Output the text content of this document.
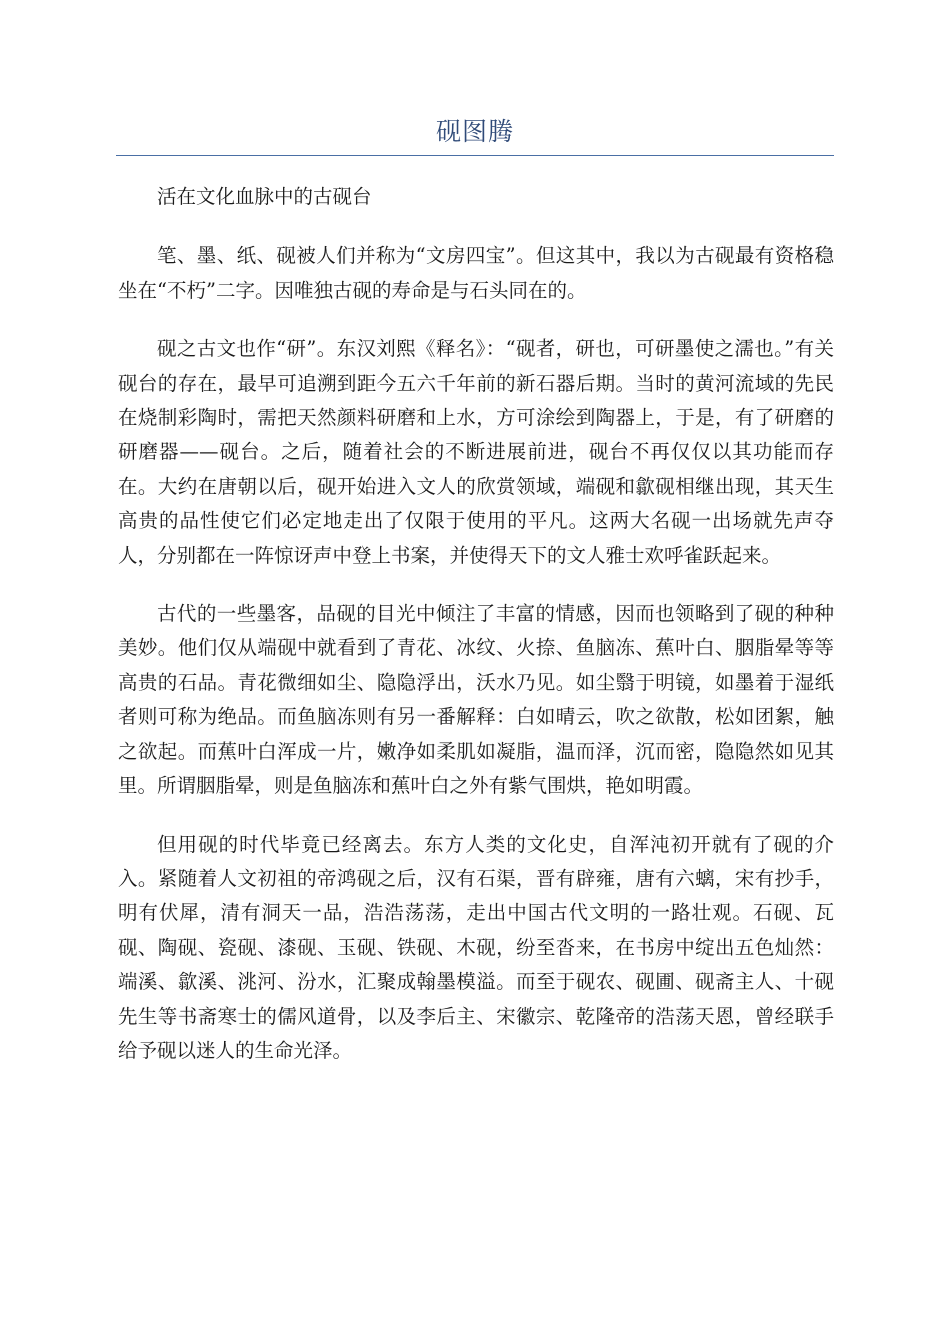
砚图腾

活在文化血脉中的古砚台

笔、墨、纸、砚被人们并称为“文房四宝”。但这其中，我以为古砚最有资格稳坐在“不朽”二字。因唯独古砚的寿命是与石头同在的。

砚之古文也作“研”。东汉刘熙《释名》：“砚者，研也，可研墨使之濡也。”有关砚台的存在，最早可追溯到距今五六千年前的新石器后期。当时的黄河流域的先民在烧制彩陶时，需把天然颜料研磨和上水，方可涂绘到陶器上，于是，有了研磨的研磨器——砚台。之后，随着社会的不断进展前进，砚台不再仅仅以其功能而存在。大约在唐朝以后，砚开始进入文人的欣赏领域，端砚和歙砚相继出现，其天生高贵的品性使它们必定地走出了仅限于使用的平凡。这两大名砚一出场就先声夺人，分别都在一阵惊讶声中登上书案，并使得天下的文人雅士欢呼雀跃起来。

古代的一些墨客，品砚的目光中倾注了丰富的情感，因而也领略到了砚的种种美妙。他们仅从端砚中就看到了青花、冰纹、火捺、鱼脑冻、蕉叶白、胭脂晕等等高贵的石品。青花微细如尘、隐隐浮出，沃水乃见。如尘翳于明镜，如墨着于湿纸者则可称为绝品。而鱼脑冻则有另一番解释：白如晴云，吹之欲散，松如团絮，触之欲起。而蕉叶白浑成一片，嫩净如柔肌如凝脂，温而泽，沉而密，隐隐然如见其里。所谓胭脂晕，则是鱼脑冻和蕉叶白之外有紫气围烘，艳如明霞。

但用砚的时代毕竟已经离去。东方人类的文化史，自浑沌初开就有了砚的介入。紧随着人文初祖的帝鸿砚之后，汉有石渠，晋有辟雍，唐有六螭，宋有抄手，明有伏犀，清有洞天一品，浩浩荡荡，走出中国古代文明的一路壮观。石砚、瓦砚、陶砚、瓷砚、漆砚、玉砚、铁砚、木砚，纷至沓来，在书房中绽出五色灿然：端溪、歙溪、洮河、汾水，汇聚成翰墨模溢。而至于砚农、砚圃、砚斋主人、十砚先生等书斋寒士的儒风道骨，以及李后主、宋徽宗、乾隆帝的浩荡天恩，曾经联手给予砚以迷人的生命光泽。
